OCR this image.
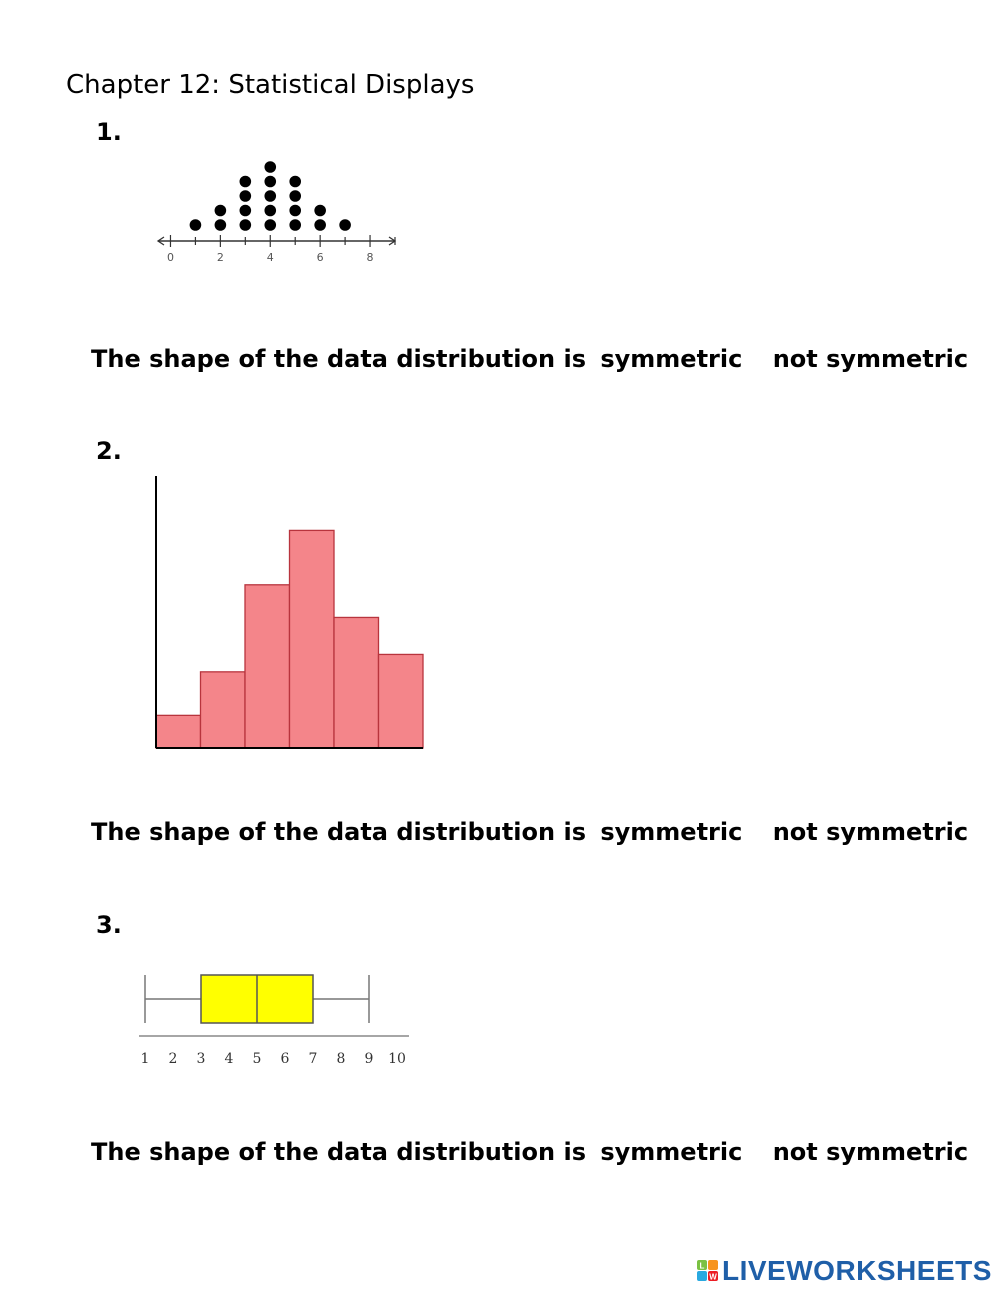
Chapter 12: Statistical Displays
1.
0	2	4	6	8
The shape of the data distribution is symmetric not symmetric
2.
The shape of the data distribution is symmetric not symmetric
3.
1 2 3 4 5 6 7 8 9 10
The shape of the data distribution is symmetric not symmetric
L
W LIVEWORKSHEETS
